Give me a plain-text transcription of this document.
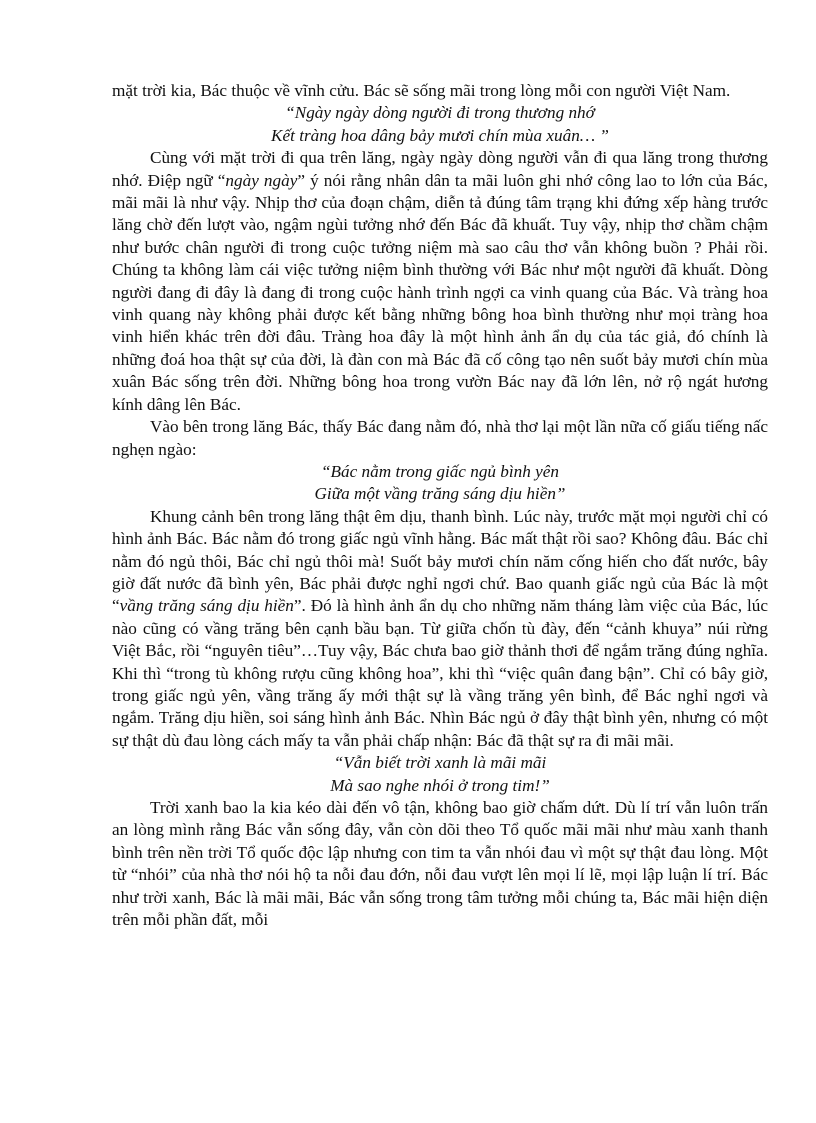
mặt trời kia, Bác thuộc về vĩnh cửu. Bác sẽ sống mãi trong lòng mỗi con người Việt Nam.

“Ngày ngày dòng người đi trong thương nhớ
Kết tràng hoa dâng bảy mươi chín mùa xuân… ”

Cùng với mặt trời đi qua trên lăng, ngày ngày dòng người vẫn đi qua lăng trong thương nhớ. Điệp ngữ “ngày ngày” ý nói rằng nhân dân ta mãi luôn ghi nhớ công lao to lớn của Bác, mãi mãi là như vậy. Nhịp thơ của đoạn chậm, diễn tả đúng tâm trạng khi đứng xếp hàng trước lăng chờ đến lượt vào, ngậm ngùi tưởng nhớ đến Bác đã khuất. Tuy vậy, nhịp thơ chầm chậm như bước chân người đi trong cuộc tưởng niệm mà sao câu thơ vẫn không buồn ? Phải rồi. Chúng ta không làm cái việc tưởng niệm bình thường với Bác như một người đã khuất. Dòng người đang đi đây là đang đi trong cuộc hành trình ngợi ca vinh quang của Bác. Và tràng hoa vinh quang này không phải được kết bằng những bông hoa bình thường như mọi tràng hoa vinh hiển khác trên đời đâu. Tràng hoa đây là một hình ảnh ẩn dụ của tác giả, đó chính là những đoá hoa thật sự của đời, là đàn con mà Bác đã cố công tạo nên suốt bảy mươi chín mùa xuân Bác sống trên đời. Những bông hoa trong vườn Bác nay đã lớn lên, nở rộ ngát hương kính dâng lên Bác.

Vào bên trong lăng Bác, thấy Bác đang nằm đó, nhà thơ lại một lần nữa cố giấu tiếng nấc nghẹn ngào:

“Bác nằm trong giấc ngủ bình yên
Giữa một vầng trăng sáng dịu hiền”

Khung cảnh bên trong lăng thật êm dịu, thanh bình. Lúc này, trước mặt mọi người chỉ có hình ảnh Bác. Bác nằm đó trong giấc ngủ vĩnh hằng. Bác mất thật rồi sao? Không đâu. Bác chỉ nằm đó ngủ thôi, Bác chỉ ngủ thôi mà! Suốt bảy mươi chín năm cống hiến cho đất nước, bây giờ đất nước đã bình yên, Bác phải được nghỉ ngơi chứ. Bao quanh giấc ngủ của Bác là một “vầng trăng sáng dịu hiền”. Đó là hình ảnh ẩn dụ cho những năm tháng làm việc của Bác, lúc nào cũng có vầng trăng bên cạnh bầu bạn. Từ giữa chốn tù đày, đến “cảnh khuya” núi rừng Việt Bắc, rồi “nguyên tiêu”…Tuy vậy, Bác chưa bao giờ thảnh thơi để ngắm trăng đúng nghĩa. Khi thì “trong tù không rượu cũng không hoa”, khi thì “việc quân đang bận”. Chỉ có bây giờ, trong giấc ngủ yên, vầng trăng ấy mới thật sự là vầng trăng yên bình, để Bác nghỉ ngơi và ngắm. Trăng dịu hiền, soi sáng hình ảnh Bác. Nhìn Bác ngủ ở đây thật bình yên, nhưng có một sự thật dù đau lòng cách mấy ta vẫn phải chấp nhận: Bác đã thật sự ra đi mãi mãi.

“Vẫn biết trời xanh là mãi mãi
Mà sao nghe nhói ở trong tim!”

Trời xanh bao la kia kéo dài đến vô tận, không bao giờ chấm dứt. Dù lí trí vẫn luôn trấn an lòng mình rằng Bác vẫn sống đây, vẫn còn dõi theo Tổ quốc mãi mãi như màu xanh thanh bình trên nền trời Tổ quốc độc lập nhưng con tim ta vẫn nhói đau vì một sự thật đau lòng. Một từ “nhói” của nhà thơ nói hộ ta nỗi đau đớn, nỗi đau vượt lên mọi lí lẽ, mọi lập luận lí trí. Bác như trời xanh, Bác là mãi mãi, Bác vẫn sống trong tâm tưởng mỗi chúng ta, Bác mãi hiện diện trên mỗi phần đất, mỗi
